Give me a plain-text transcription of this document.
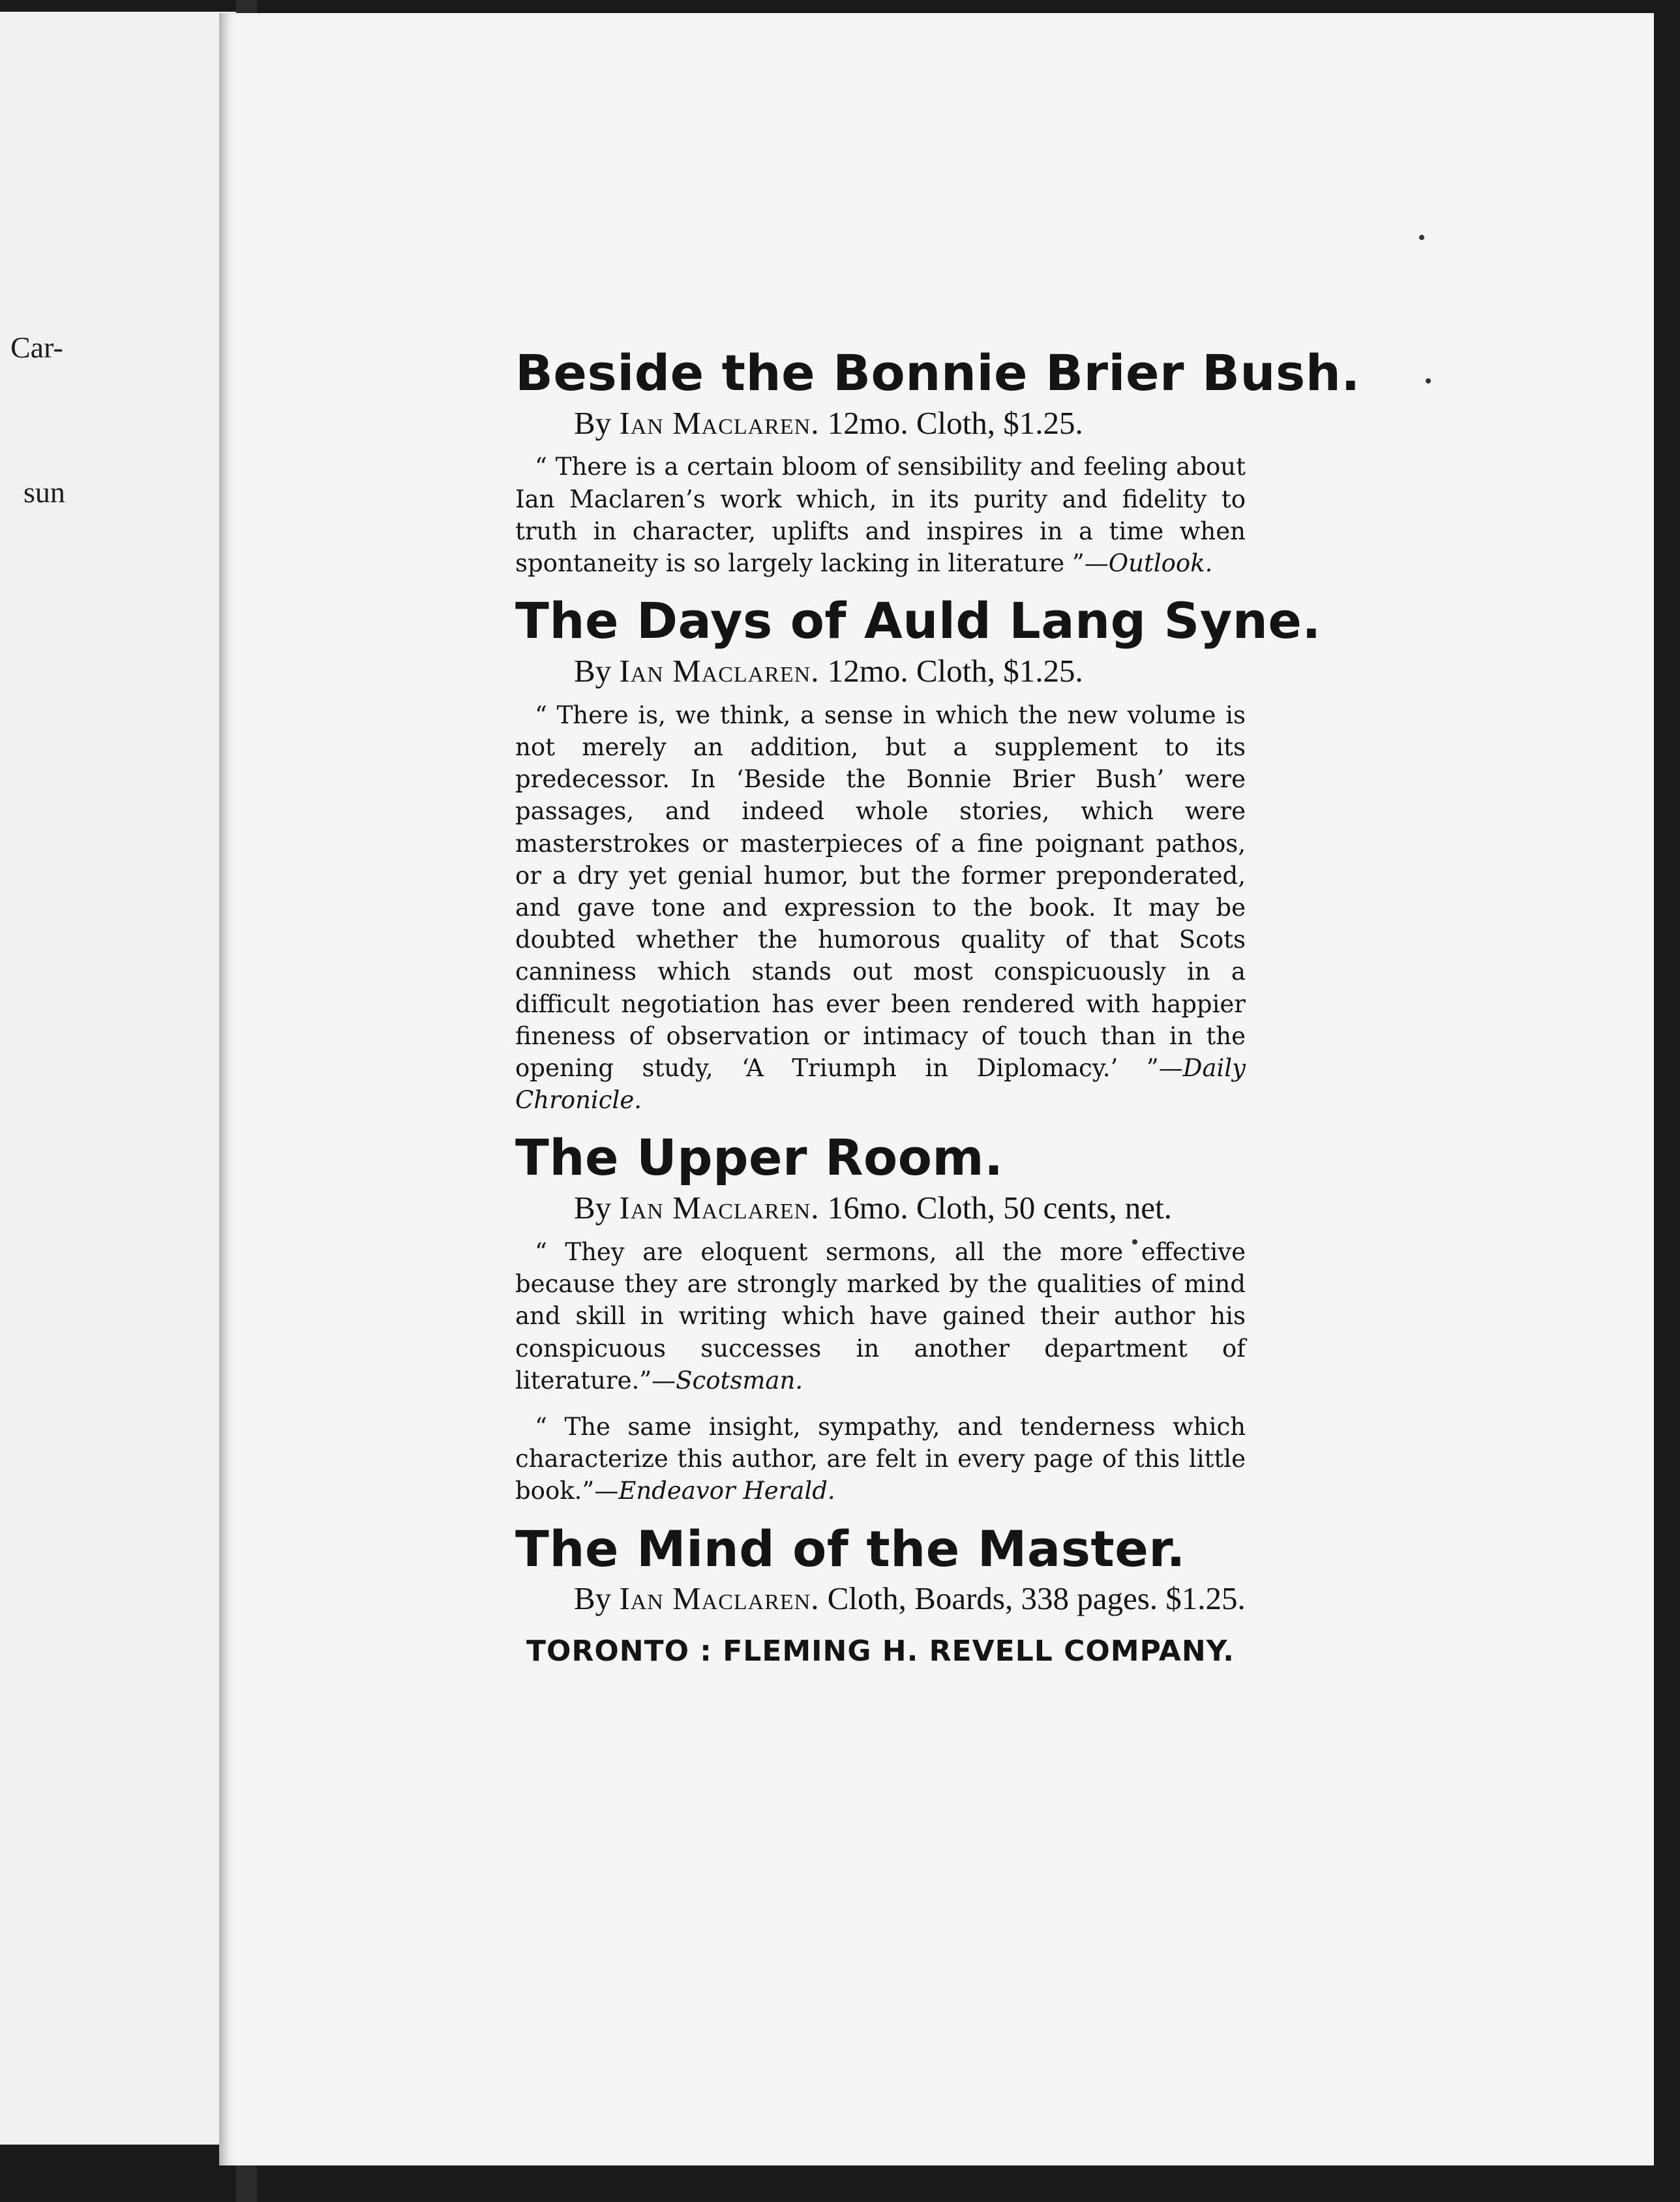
Car-
sun
Beside the Bonnie Brier Bush.
By Ian Maclaren. 12mo. Cloth, $1.25.

“ There is a certain bloom of sensibility and feeling about Ian Maclaren’s work which, in its purity and fidelity to truth in character, uplifts and inspires in a time when spontaneity is so largely lacking in literature ”—Outlook.

The Days of Auld Lang Syne.
By Ian Maclaren. 12mo. Cloth, $1.25.

“ There is, we think, a sense in which the new volume is not merely an addition, but a supplement to its predecessor. In ‘Beside the Bonnie Brier Bush’ were passages, and indeed whole stories, which were masterstrokes or masterpieces of a fine poignant pathos, or a dry yet genial humor, but the former preponderated, and gave tone and expression to the book. It may be doubted whether the humorous quality of that Scots canniness which stands out most conspicuously in a difficult negotiation has ever been rendered with happier fineness of observation or intimacy of touch than in the opening study, ‘A Triumph in Diplomacy.’ ”—Daily Chronicle.

The Upper Room.
By Ian Maclaren. 16mo. Cloth, 50 cents, net.

“ They are eloquent sermons, all the more effective because they are strongly marked by the qualities of mind and skill in writing which have gained their author his conspicuous successes in another department of literature.”—Scotsman.

“ The same insight, sympathy, and tenderness which characterize this author, are felt in every page of this little book.”—Endeavor Herald.

The Mind of the Master.
By Ian Maclaren. Cloth, Boards, 338 pages. $1.25.
TORONTO : FLEMING H. REVELL COMPANY.
